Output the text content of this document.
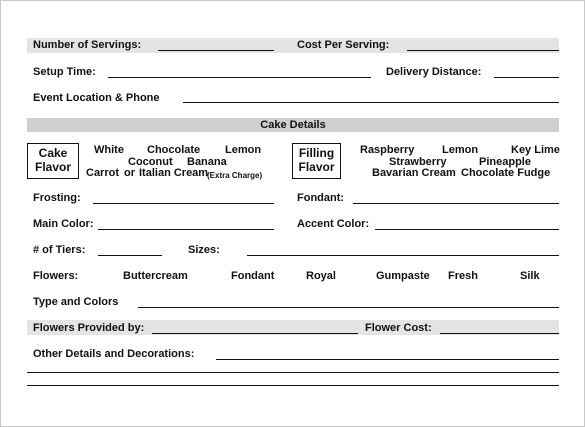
Number of Servings:	Cost Per Serving:
Setup Time:	Delivery Distance:
Event Location & Phone
Cake Details
Cake Flavor
White Chocolate Lemon
Coconut Banana
Carrot or Italian Cream
(Extra Charge)
Filling Flavor
Raspberry	Lemon	Key Lime
Strawberry	Pineapple
Bavarian Cream Chocolate Fudge
Frosting:	Fondant:
Main Color:	Accent Color:
# of Tiers:	Sizes:
Flowers:	Buttercream	Fondant	Royal	Gumpaste Fresh	Silk
Type and Colors
Flowers Provided by:	Flower Cost:
Other Details and Decorations:
